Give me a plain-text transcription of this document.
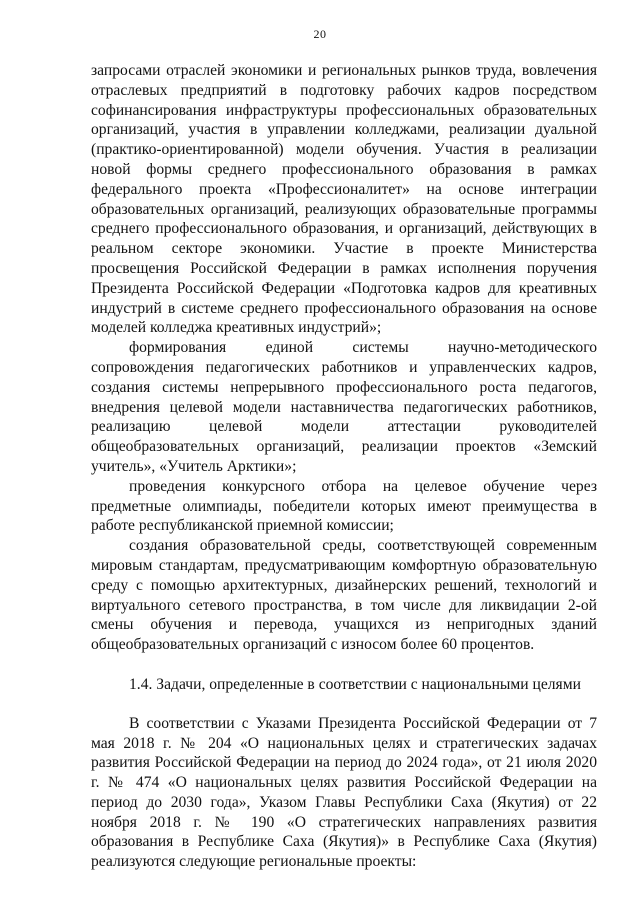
20

запросами отраслей экономики и региональных рынков труда, вовлечения отраслевых предприятий в подготовку рабочих кадров посредством софинансирования инфраструктуры профессиональных образовательных организаций, участия в управлении колледжами, реализации дуальной (практико-ориентированной) модели обучения. Участия в реализации новой формы среднего профессионального образования в рамках федерального проекта «Профессионалитет» на основе интеграции образовательных организаций, реализующих образовательные программы среднего профессионального образования, и организаций, действующих в реальном секторе экономики. Участие в проекте Министерства просвещения Российской Федерации в рамках исполнения поручения Президента Российской Федерации «Подготовка кадров для креативных индустрий в системе среднего профессионального образования на основе моделей колледжа креативных индустрий»;

формирования единой системы научно-методического сопровождения педагогических работников и управленческих кадров, создания системы непрерывного профессионального роста педагогов, внедрения целевой модели наставничества педагогических работников, реализацию целевой модели аттестации руководителей общеобразовательных организаций, реализации проектов «Земский учитель», «Учитель Арктики»;

проведения конкурсного отбора на целевое обучение через предметные олимпиады, победители которых имеют преимущества в работе республиканской приемной комиссии;

создания образовательной среды, соответствующей современным мировым стандартам, предусматривающим комфортную образовательную среду с помощью архитектурных, дизайнерских решений, технологий и виртуального сетевого пространства, в том числе для ликвидации 2-ой смены обучения и перевода, учащихся из непригодных зданий общеобразовательных организаций с износом более 60 процентов.

1.4. Задачи, определенные в соответствии с национальными целями

В соответствии с Указами Президента Российской Федерации от 7 мая 2018 г. № 204 «О национальных целях и стратегических задачах развития Российской Федерации на период до 2024 года», от 21 июля 2020 г. № 474 «О национальных целях развития Российской Федерации на период до 2030 года», Указом Главы Республики Саха (Якутия) от 22 ноября 2018 г. № 190 «О стратегических направлениях развития образования в Республике Саха (Якутия)» в Республике Саха (Якутия) реализуются следующие региональные проекты:
